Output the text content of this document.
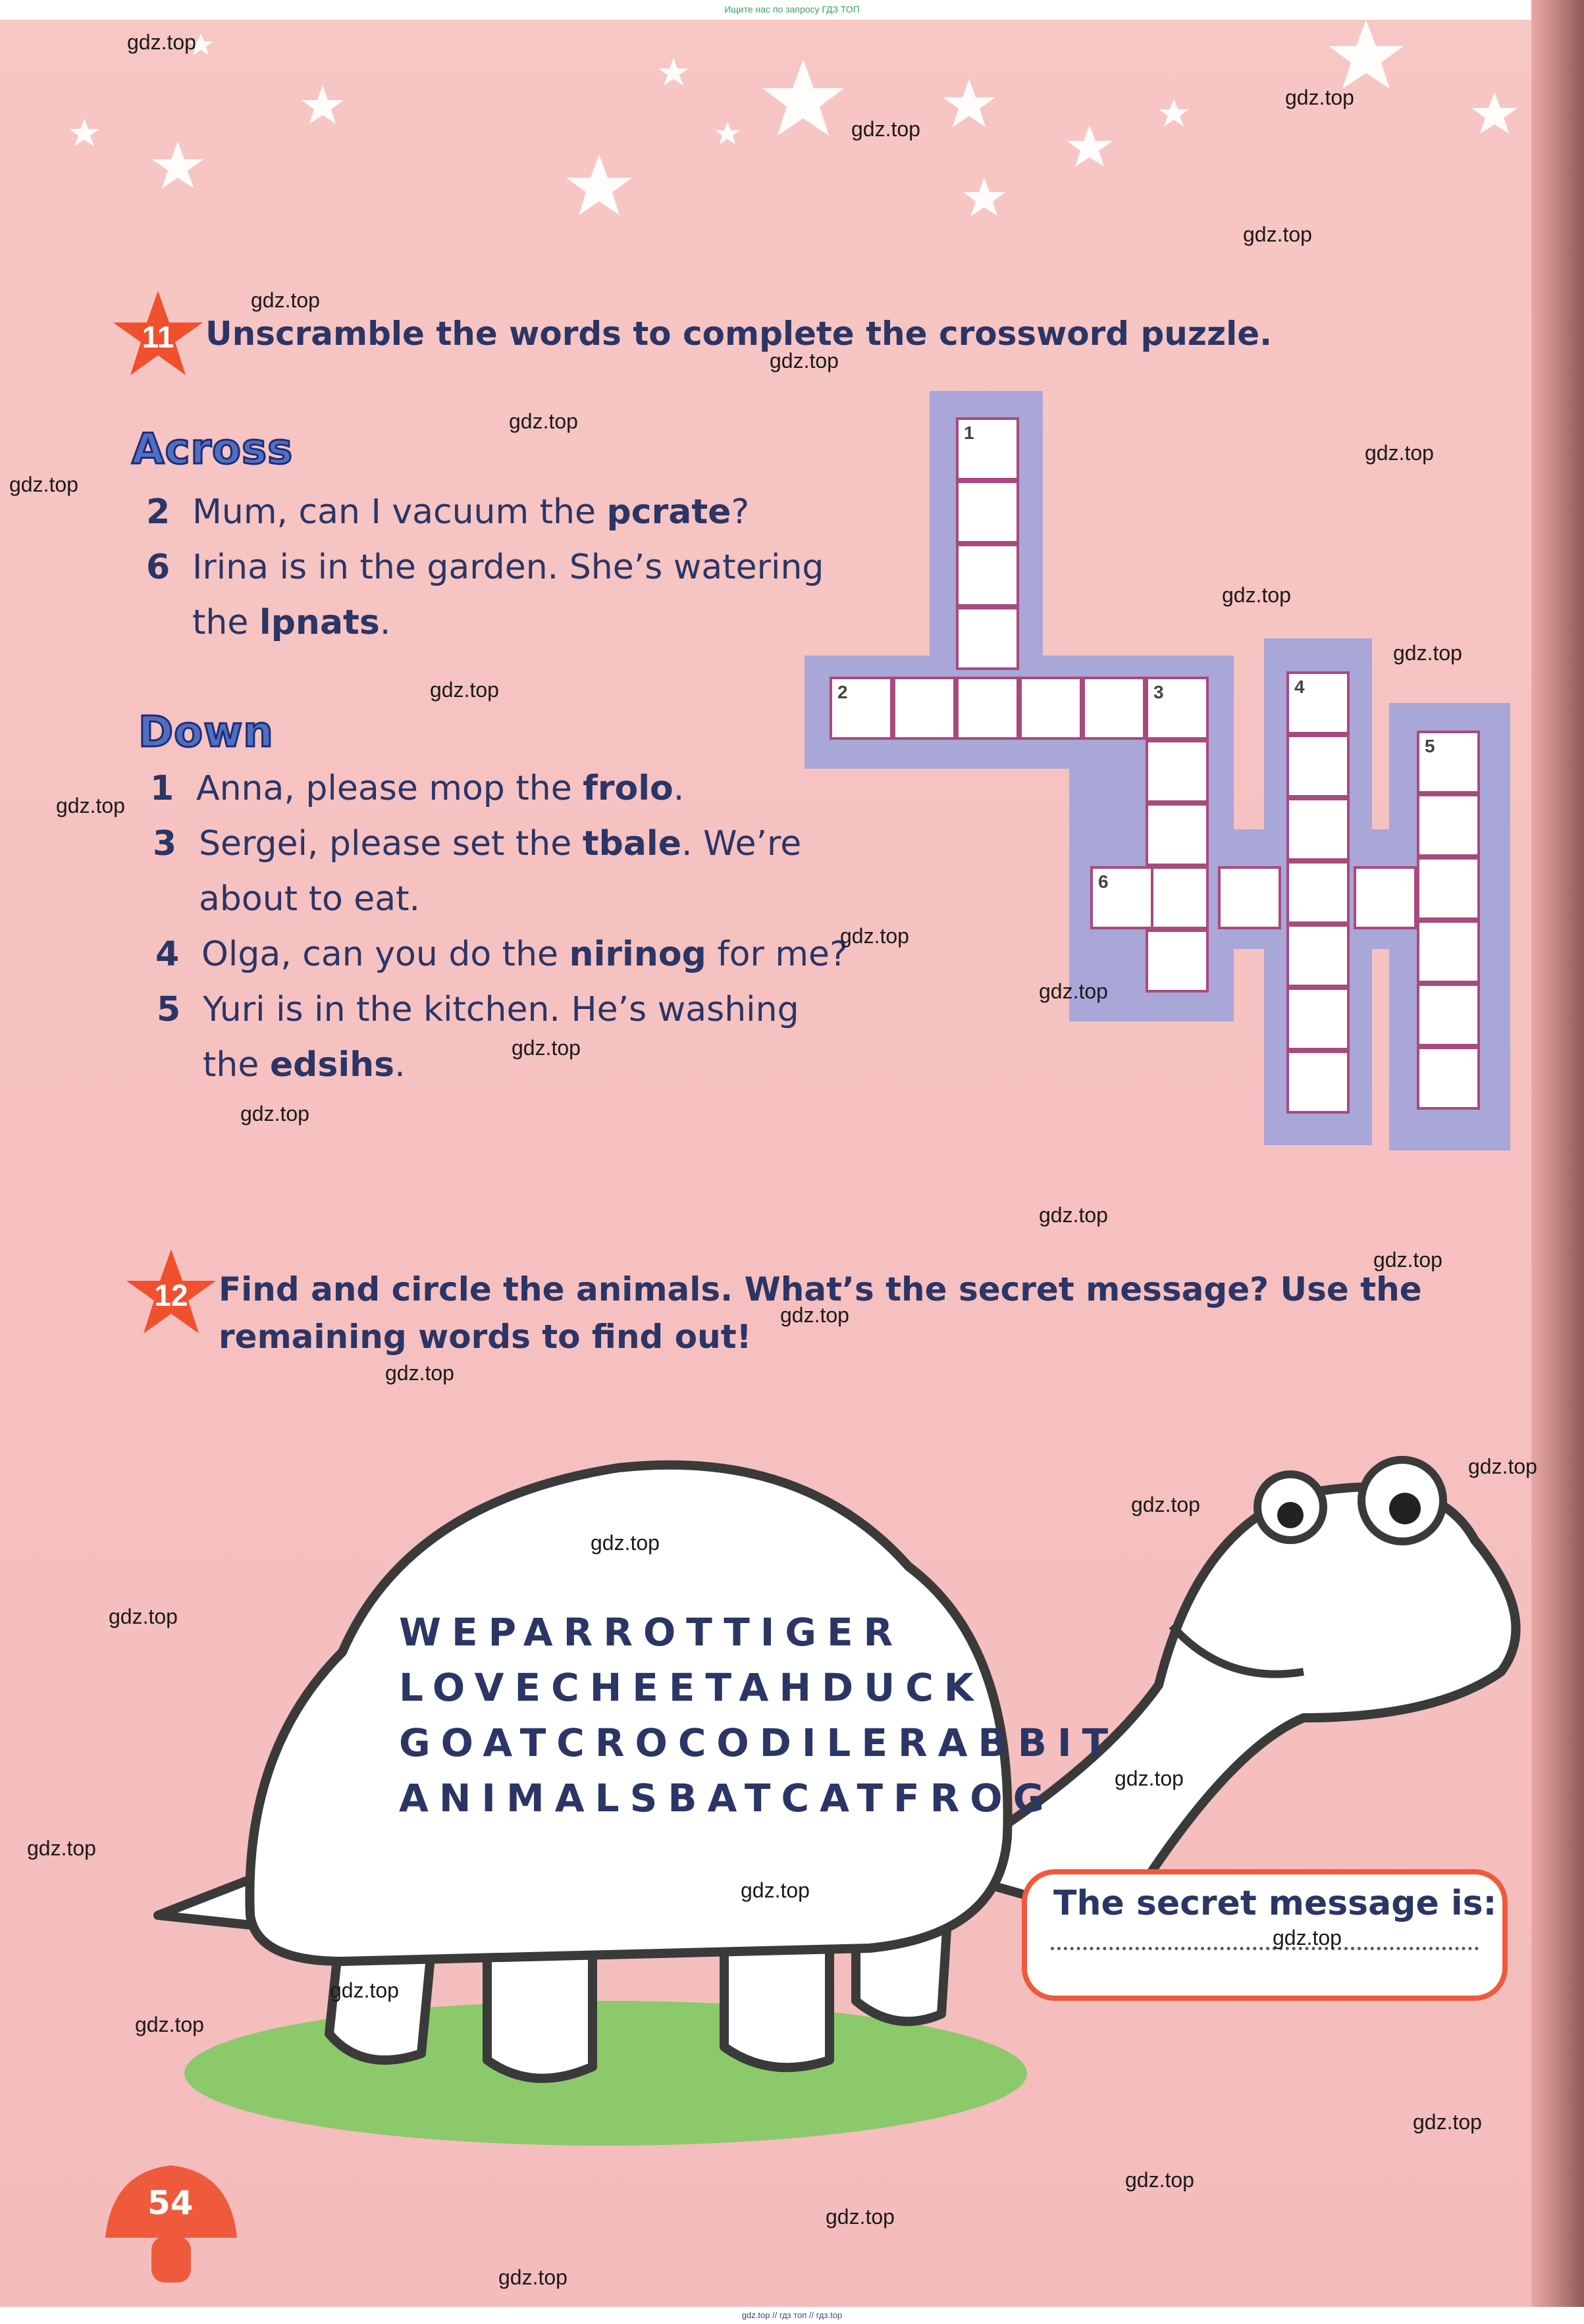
Ищите нас по запросу ГДЗ ТОП
11 Unscramble the words to complete the crossword puzzle.
Across
2 Mum, can I vacuum the pcrate?
6 Irina is in the garden. She’s watering
the lpnats.
Down
1 Anna, please mop the frolo.
3 Sergei, please set the tbale. We’re
about to eat.
4 Olga, can you do the nirinog for me?
5 Yuri is in the kitchen. He’s washing
the edsihs.
1
2	3	4
5
6
12 Find and circle the animals. What’s the secret message? Use the
remaining words to find out!
WEPARROTTIGER
LOVECHEETAHDUCK
GOATCROCODILERABBIT
ANIMALSBATCATFROG
The secret message is:
54
gdz.top
gdz.top
gdz.top
gdz.top
gdz.top
gdz.top
gdz.top
gdz.top
gdz.top
gdz.top
gdz.top
gdz.top
gdz.top
gdz.top
gdz.top
gdz.top
gdz.top
gdz.top
gdz.top
gdz.top
gdz.top
gdz.top
gdz.top
gdz.top
gdz.top
gdz.top
gdz.top
gdz.top
gdz.top
gdz.top
gdz.top
gdz.top
gdz.top
gdz.top
gdz.top
gdz.top // гдз топ // гдз.top
